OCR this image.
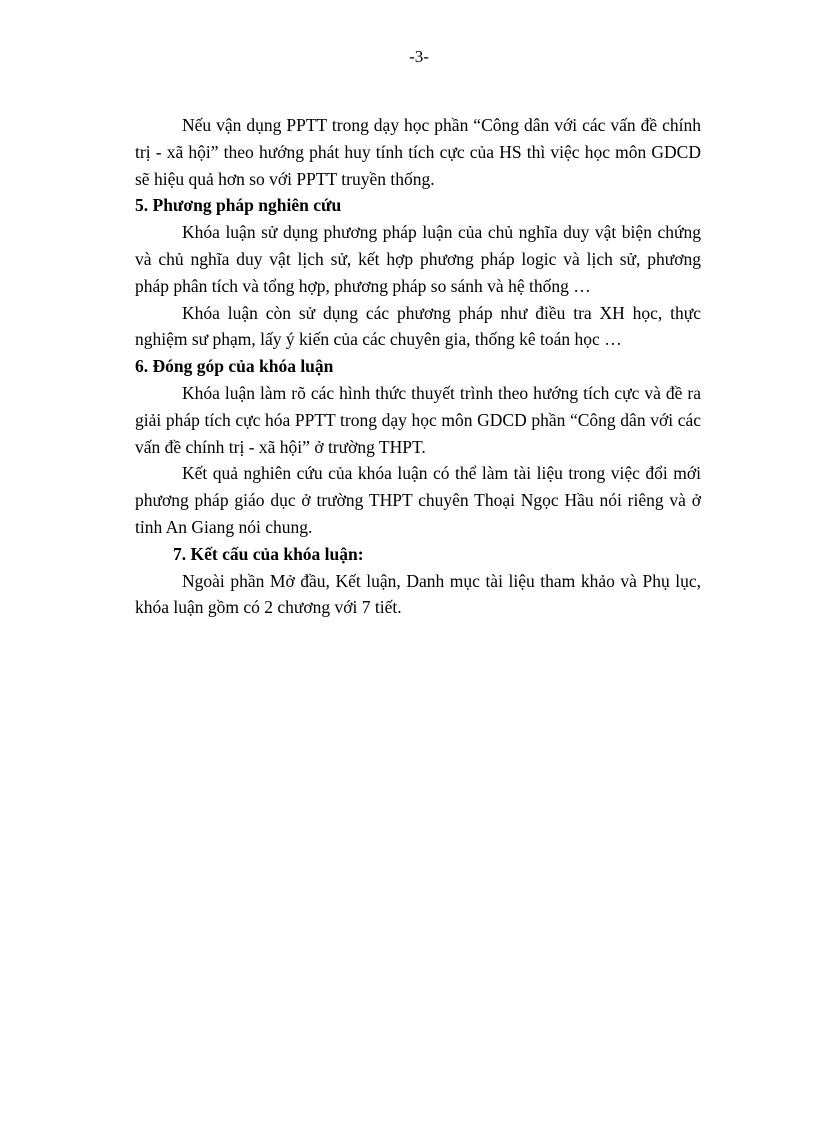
-3-

Nếu vận dụng PPTT trong dạy học phần “Công dân với các vấn đề chính trị - xã hội” theo hướng phát huy tính tích cực của HS thì việc học môn GDCD sẽ hiệu quả hơn so với PPTT truyền thống.

5. Phương pháp nghiên cứu

Khóa luận sử dụng phương pháp luận của chủ nghĩa duy vật biện chứng và chủ nghĩa duy vật lịch sử, kết hợp phương pháp logic và lịch sử, phương pháp phân tích và tổng hợp, phương pháp so sánh và hệ thống …

Khóa luận còn sử dụng các phương pháp như điều tra XH học, thực nghiệm sư phạm, lấy ý kiến của các chuyên gia, thống kê toán học …

6. Đóng góp của khóa luận

Khóa luận làm rõ các hình thức thuyết trình theo hướng tích cực và đề ra giải pháp tích cực hóa PPTT trong dạy học môn GDCD phần “Công dân với các vấn đề chính trị - xã hội” ở trường THPT.

Kết quả nghiên cứu của khóa luận có thể làm tài liệu trong việc đổi mới phương pháp giáo dục ở trường THPT chuyên Thoại Ngọc Hầu nói riêng và ở tỉnh An Giang nói chung.

7. Kết cấu của khóa luận:

Ngoài phần Mở đầu, Kết luận, Danh mục tài liệu tham khảo và Phụ lục, khóa luận gồm có 2 chương với 7 tiết.
